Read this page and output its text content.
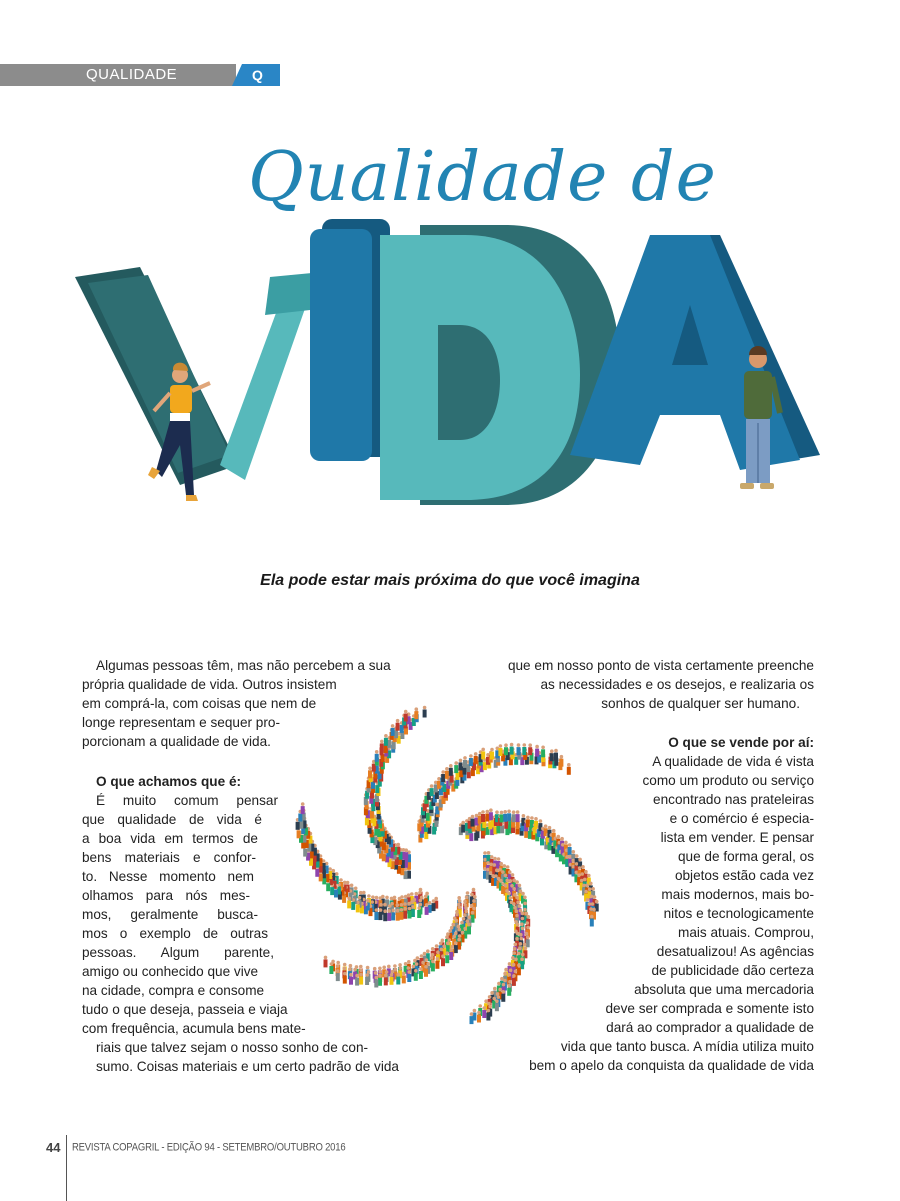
QUALIDADE	Q
Qualidade de
Ela pode estar mais próxima do que você imagina
Algumas pessoas têm, mas não percebem a sua
própria qualidade de vida. Outros insistem
em comprá-la, com coisas que nem de
longe representam e sequer pro-
porcionam a qualidade de vida.
O que achamos que é:
É muito comum pensar
que qualidade de vida é
a boa vida em termos de
bens materiais e confor-
to. Nesse momento nem
olhamos para nós mes-
mos, geralmente busca-
mos o exemplo de outras
pessoas. Algum parente,
amigo ou conhecido que vive
na cidade, compra e consome
tudo o que deseja, passeia e viaja
com frequência, acumula bens mate-
riais que talvez sejam o nosso sonho de con-
sumo. Coisas materiais e um certo padrão de vida
que em nosso ponto de vista certamente preenche
as necessidades e os desejos, e realizaria os
sonhos de qualquer ser humano.
O que se vende por aí:
A qualidade de vida é vista
como um produto ou serviço
encontrado nas prateleiras
e o comércio é especia-
lista em vender. E pensar
que de forma geral, os
objetos estão cada vez
mais modernos, mais bo-
nitos e tecnologicamente
mais atuais. Comprou,
desatualizou! As agências
de publicidade dão certeza
absoluta que uma mercadoria
deve ser comprada e somente isto
dará ao comprador a qualidade de
vida que tanto busca. A mídia utiliza muito
bem o apelo da conquista da qualidade de vida
44 REVISTA COPAGRIL - EDIÇÃO 94 - SETEMBRO/OUTUBRO 2016
